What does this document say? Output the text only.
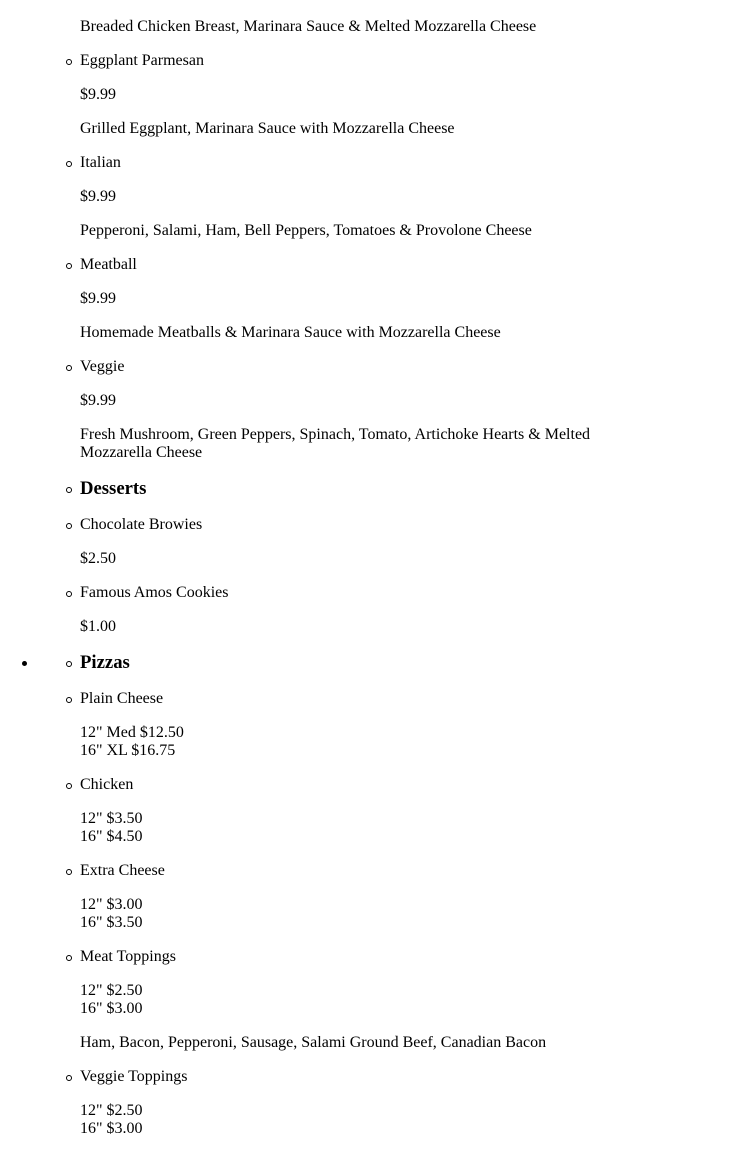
Breaded Chicken Breast, Marinara Sauce & Melted Mozzarella Cheese

Eggplant Parmesan

$9.99

Grilled Eggplant, Marinara Sauce with Mozzarella Cheese

Italian

$9.99

Pepperoni, Salami, Ham, Bell Peppers, Tomatoes & Provolone Cheese

Meatball

$9.99

Homemade Meatballs & Marinara Sauce with Mozzarella Cheese

Veggie

$9.99

Fresh Mushroom, Green Peppers, Spinach, Tomato, Artichoke Hearts & Melted Mozzarella Cheese

Desserts
Chocolate Browies

$2.50

Famous Amos Cookies

$1.00

Pizzas
Plain Cheese

12" Med $12.50
16" XL $16.75

Chicken

12" $3.50
16" $4.50

Extra Cheese

12" $3.00
16" $3.50

Meat Toppings

12" $2.50
16" $3.00

Ham, Bacon, Pepperoni, Sausage, Salami Ground Beef, Canadian Bacon

Veggie Toppings

12" $2.50
16" $3.00
